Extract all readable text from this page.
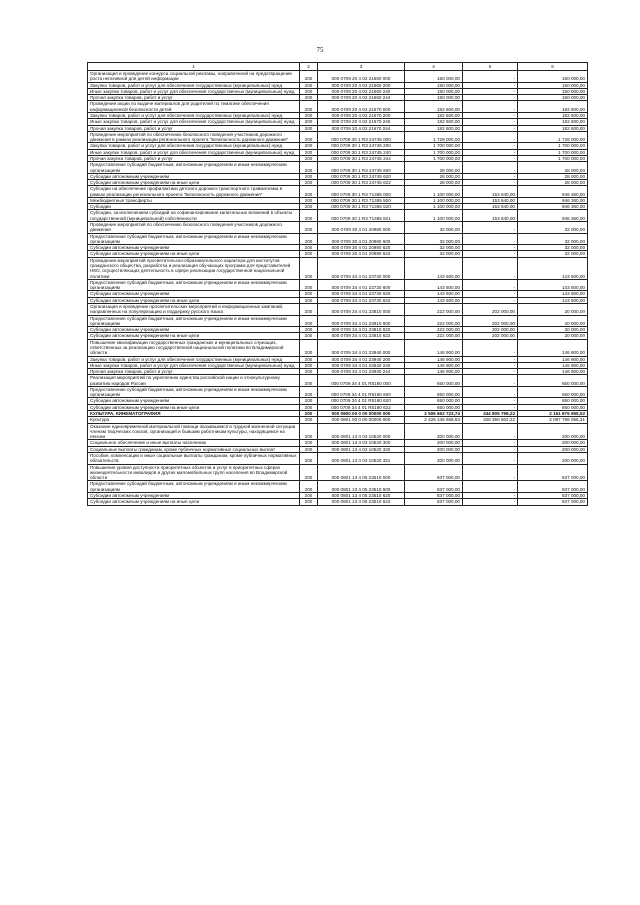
75
1	2	3	4	5	6
Организация и проведение конкурса социальной рекламы, направленной на предотвращение роста негативной для детей информации	200	000 0709 20 4 02 21660 000	150 000,00	-	150 000,00
Закупка товаров, работ и услуг для обеспечения государственных (муниципальных) нужд	200	000 0709 20 4 02 21660 200	150 000,00	-	150 000,00
Иные закупки товаров, работ и услуг для обеспечения государственных (муниципальных) нужд	200	000 0709 20 4 02 21660 240	150 000,00	-	150 000,00
Прочая закупка товаров, работ и услуг	200	000 0709 20 4 02 21660 244	150 000,00	-	150 000,00
Проведение акции по выдаче материалов для родителей по тематике обеспечения информационной безопасности детей	200	000 0709 20 4 02 21670 000	182 600,00	-	182 600,00
Закупка товаров, работ и услуг для обеспечения государственных (муниципальных) нужд	200	000 0709 20 4 02 21670 200	182 600,00	-	182 600,00
Иные закупки товаров, работ и услуг для обеспечения государственных (муниципальных) нужд	200	000 0709 20 4 02 21670 240	182 600,00	-	182 600,00
Прочая закупка товаров, работ и услуг	200	000 0709 20 4 02 21670 244	182 600,00	-	182 600,00
Проведение мероприятий по обеспечению безопасного поведения участников дорожного движения в рамках реализации регионального проекта "Безопасность дорожного движения"	200	000 0709 30 1 R3 24745 000	1 728 000,00	-	1 728 000,00
Закупка товаров, работ и услуг для обеспечения государственных (муниципальных) нужд	200	000 0709 30 1 R3 24745 200	1 700 000,00	-	1 700 000,00
Иные закупки товаров, работ и услуг для обеспечения государственных (муниципальных) нужд	200	000 0709 30 1 R3 24745 240	1 700 000,00	-	1 700 000,00
Прочая закупка товаров, работ и услуг	200	000 0709 30 1 R3 24745 244	1 700 000,00	-	1 700 000,00
Предоставление субсидий бюджетным, автономным учреждениям и иным некоммерческим организациям	200	000 0709 30 1 R3 24745 600	28 000,00	-	28 000,00
Субсидии автономным учреждениям	200	000 0709 30 1 R3 24745 620	28 000,00	-	28 000,00
Субсидии автономным учреждениям на иные цели	200	000 0709 30 1 R3 24745 622	28 000,00	-	28 000,00
Субсидии на обеспечение профилактики детского дорожно-транспортного травматизма в рамках реализации регионального проекта "Безопасность дорожного движения"	200	000 0709 30 1 R3 71365 000	1 100 000,00	153 640,00	946 360,00
Межбюджетные трансферты	200	000 0709 30 1 R3 71365 500	1 100 000,00	153 640,00	946 360,00
Субсидии	200	000 0709 30 1 R3 71365 520	1 100 000,00	153 640,00	946 360,00
Субсидии, за исключением субсидий на софинансирование капитальных вложений в объекты государственной (муниципальной) собственности	200	000 0709 30 1 R3 71365 521	1 100 000,00	153 640,00	946 360,00
Проведение мероприятий по обеспечению безопасного поведения участников дорожного движения	200	000 0709 30 4 01 20980 000	32 000,00	-	32 000,00
Предоставление субсидий бюджетным, автономным учреждениям и иным некоммерческим организациям	200	000 0709 30 4 01 20980 600	32 000,00	-	32 000,00
Субсидии автономным учреждениям	200	000 0709 30 4 01 20980 620	32 000,00	-	32 000,00
Субсидии автономным учреждениям на иные цели	200	000 0709 30 4 01 20980 622	32 000,00	-	32 000,00
Проведение мероприятий просветительско-образовательного характера для институтов гражданского общества, разработка и реализация обучающих программ для представителей НКО, осуществляющих деятельность в сфере реализации государственной национальной политики	200	000 0709 34 4 01 23730 000	143 600,00	-	143 600,00
Предоставление субсидий бюджетным, автономным учреждениям и иным некоммерческим организациям	200	000 0709 34 4 01 23730 600	143 600,00	-	143 600,00
Субсидии автономным учреждениям	200	000 0709 34 4 01 23730 620	143 600,00	-	143 600,00
Субсидии автономным учреждениям на иные цели	200	000 0709 34 4 01 23730 622	143 600,00	-	143 600,00
Организация и проведение просветительских мероприятий и информационных кампаний, направленных на популяризацию и поддержку русского языка	200	000 0709 34 4 01 23810 000	222 000,00	202 000,00	20 000,00
Предоставление субсидий бюджетным, автономным учреждениям и иным некоммерческим организациям	200	000 0709 34 4 01 23810 600	222 000,00	202 000,00	20 000,00
Субсидии автономным учреждениям	200	000 0709 34 4 01 23810 620	222 000,00	202 000,00	20 000,00
Субсидии автономным учреждениям на иные цели	200	000 0709 34 4 01 23810 622	222 000,00	202 000,00	20 000,00
Повышение квалификации государственных гражданских и муниципальных служащих, ответственных за реализацию государственной национальной политики во Владимирской области	200	000 0709 34 4 01 23940 000	146 900,00	-	146 900,00
Закупка товаров, работ и услуг для обеспечения государственных (муниципальных) нужд	200	000 0709 34 4 01 23940 200	146 900,00	-	146 900,00
Иные закупки товаров, работ и услуг для обеспечения государственных (муниципальных) нужд	200	000 0709 34 4 01 23940 240	146 900,00	-	146 900,00
Прочая закупка товаров, работ и услуг	200	000 0709 34 4 01 23940 244	146 900,00	-	146 900,00
Реализация мероприятий по укреплению единства российской нации и этнокультурному развитию народов России	200	000 0709 34 4 01 R5160 000	650 000,00	-	650 000,00
Предоставление субсидий бюджетным, автономным учреждениям и иным некоммерческим организациям	200	000 0709 34 4 01 R5160 600	650 000,00	-	650 000,00
Субсидии автономным учреждениям	200	000 0709 34 4 01 R5160 620	650 000,00	-	650 000,00
Субсидии автономным учреждениям на иные цели	200	000 0709 34 4 01 R5160 622	650 000,00	-	650 000,00
КУЛЬТУРА, КИНЕМАТОГРАФИЯ	200	000 0800 00 0 00 00000 000	2 506 662 723,74	344 805 768,22	2 161 876 955,52
Культура	200	000 0801 00 0 00 00000 000	2 426 136 658,53	328 350 602,22	2 097 786 056,31
Оказание единовременной материальной помощи оказавшимся в трудной жизненной ситуации членам творческих союзов, организаций и бывшим работникам культуры, находящимся на пенсии	200	000 0801 13 4 03 10520 000	200 000,00	-	200 000,00
Социальное обеспечение и иные выплаты населению	200	000 0801 13 4 03 10520 300	200 000,00	-	200 000,00
Социальные выплаты гражданам, кроме публичных нормативных социальных выплат	200	000 0801 13 4 03 10520 320	200 000,00	-	200 000,00
Пособия, компенсации и иные социальные выплаты гражданам, кроме публичных нормативных обязательств	200	000 0801 13 4 03 10520 321	200 000,00	-	200 000,00
Повышение уровня доступности приоритетных объектов и услуг в приоритетных сферах жизнедеятельности инвалидов и других маломобильных групп населения во Владимирской области	200	000 0801 13 4 05 23510 000	837 000,00	-	837 000,00
Предоставление субсидий бюджетным, автономным учреждениям и иным некоммерческим организациям	200	000 0801 13 4 05 23510 600	837 000,00	-	837 000,00
Субсидии автономным учреждениям	200	000 0801 13 4 05 23510 620	837 000,00	-	837 000,00
Субсидии автономным учреждениям на иные цели	200	000 0801 13 4 05 23510 622	837 000,00	-	837 000,00
